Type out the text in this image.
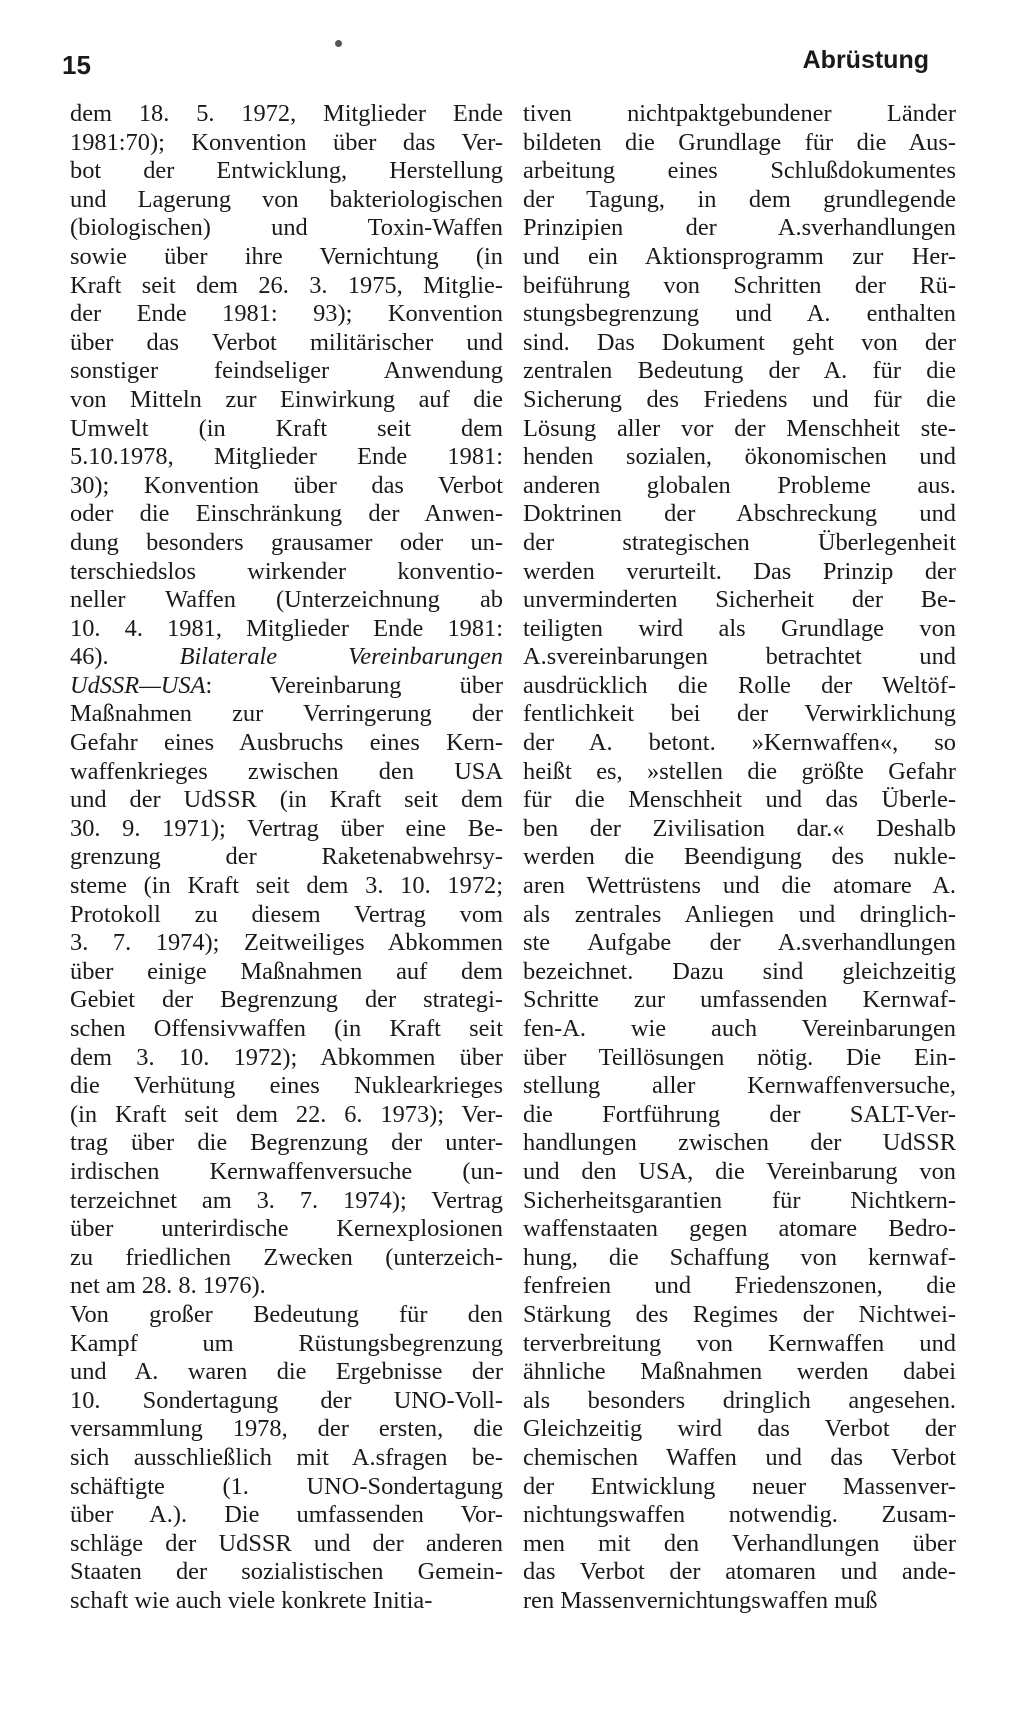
15	Abrüstung
dem 18. 5. 1972, Mitglieder Ende
1981:70); Konvention über das Ver-
bot der Entwicklung, Herstellung
und Lagerung von bakteriologischen
(biologischen) und Toxin-Waffen
sowie über ihre Vernichtung (in
Kraft seit dem 26. 3. 1975, Mitglie-
der Ende 1981: 93); Konvention
über das Verbot militärischer und
sonstiger feindseliger Anwendung
von Mitteln zur Einwirkung auf die
Umwelt (in Kraft seit dem
5.10.1978, Mitglieder Ende 1981:
30); Konvention über das Verbot
oder die Einschränkung der Anwen-
dung besonders grausamer oder un-
terschiedslos wirkender konventio-
neller Waffen (Unterzeichnung ab
10. 4. 1981, Mitglieder Ende 1981:
46). Bilaterale Vereinbarungen
UdSSR—USA: Vereinbarung über
Maßnahmen zur Verringerung der
Gefahr eines Ausbruchs eines Kern-
waffenkrieges zwischen den USA
und der UdSSR (in Kraft seit dem
30. 9. 1971); Vertrag über eine Be-
grenzung der Raketenabwehrsy-
steme (in Kraft seit dem 3. 10. 1972;
Protokoll zu diesem Vertrag vom
3. 7. 1974); Zeitweiliges Abkommen
über einige Maßnahmen auf dem
Gebiet der Begrenzung der strategi-
schen Offensivwaffen (in Kraft seit
dem 3. 10. 1972); Abkommen über
die Verhütung eines Nuklearkrieges
(in Kraft seit dem 22. 6. 1973); Ver-
trag über die Begrenzung der unter-
irdischen Kernwaffenversuche (un-
terzeichnet am 3. 7. 1974); Vertrag
über unterirdische Kernexplosionen
zu friedlichen Zwecken (unterzeich-
net am 28. 8. 1976).
Von großer Bedeutung für den
Kampf um Rüstungsbegrenzung
und A. waren die Ergebnisse der
10. Sondertagung der UNO-Voll-
versammlung 1978, der ersten, die
sich ausschließlich mit A.sfragen be-
schäftigte (1. UNO-Sondertagung
über A.). Die umfassenden Vor-
schläge der UdSSR und der anderen
Staaten der sozialistischen Gemein-
schaft wie auch viele konkrete Initia-
tiven nichtpaktgebundener Länder
bildeten die Grundlage für die Aus-
arbeitung eines Schlußdokumentes
der Tagung, in dem grundlegende
Prinzipien der A.sverhandlungen
und ein Aktionsprogramm zur Her-
beiführung von Schritten der Rü-
stungsbegrenzung und A. enthalten
sind. Das Dokument geht von der
zentralen Bedeutung der A. für die
Sicherung des Friedens und für die
Lösung aller vor der Menschheit ste-
henden sozialen, ökonomischen und
anderen globalen Probleme aus.
Doktrinen der Abschreckung und
der strategischen Überlegenheit
werden verurteilt. Das Prinzip der
unverminderten Sicherheit der Be-
teiligten wird als Grundlage von
A.svereinbarungen betrachtet und
ausdrücklich die Rolle der Weltöf-
fentlichkeit bei der Verwirklichung
der A. betont. »Kernwaffen«, so
heißt es, »stellen die größte Gefahr
für die Menschheit und das Überle-
ben der Zivilisation dar.« Deshalb
werden die Beendigung des nukle-
aren Wettrüstens und die atomare A.
als zentrales Anliegen und dringlich-
ste Aufgabe der A.sverhandlungen
bezeichnet. Dazu sind gleichzeitig
Schritte zur umfassenden Kernwaf-
fen-A. wie auch Vereinbarungen
über Teillösungen nötig. Die Ein-
stellung aller Kernwaffenversuche,
die Fortführung der SALT-Ver-
handlungen zwischen der UdSSR
und den USA, die Vereinbarung von
Sicherheitsgarantien für Nichtkern-
waffenstaaten gegen atomare Bedro-
hung, die Schaffung von kernwaf-
fenfreien und Friedenszonen, die
Stärkung des Regimes der Nichtwei-
terverbreitung von Kernwaffen und
ähnliche Maßnahmen werden dabei
als besonders dringlich angesehen.
Gleichzeitig wird das Verbot der
chemischen Waffen und das Verbot
der Entwicklung neuer Massenver-
nichtungswaffen notwendig. Zusam-
men mit den Verhandlungen über
das Verbot der atomaren und ande-
ren Massenvernichtungswaffen muß
